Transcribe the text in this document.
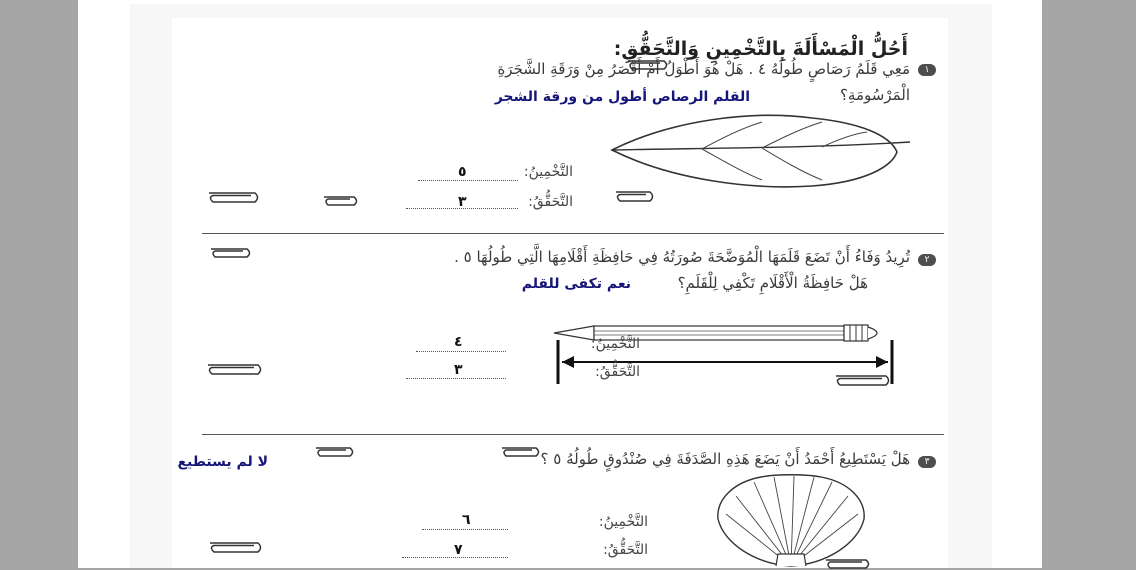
أَحُلُّ الْمَسْأَلَةَ بِالتَّخْمِينِ وَالتَّحَقُّقِ:
١
مَعِي قَلَمُ رَصَاصٍ طُولُهُ ٤ . هَلْ هُوَ أَطْوَلُ أَمْ أَقْصَرُ مِنْ وَرَقَةِ الشَّجَرَةِ
الْمَرْسُومَةِ؟
القلم الرصاص أطول من ورقة الشجر
التَّخْمِينُ:
٥
التَّحَقُّقُ:
٣
٢
تُرِيدُ وَفَاءُ أَنْ تَضَعَ قَلَمَهَا الْمُوَضَّحَةَ صُورَتُهُ فِي حَافِظَةِ أَقْلَامِهَا الَّتِي طُولُهَا ٥ .
هَلْ حَافِظَةُ الْأَقْلَامِ تَكْفِي لِلْقَلَمِ؟
نعم تكفى للقلم
التَّخْمِينُ:
٤
التَّحَقُّقُ:
٣
٣
هَلْ يَسْتَطِيعُ أَحْمَدُ أَنْ يَضَعَ هَذِهِ الصَّدَفَةَ فِي صُنْدُوقٍ طُولُهُ ٥ ؟
لا لم يستطيع
التَّخْمِينُ:
٦
التَّحَقُّقُ:
٧
